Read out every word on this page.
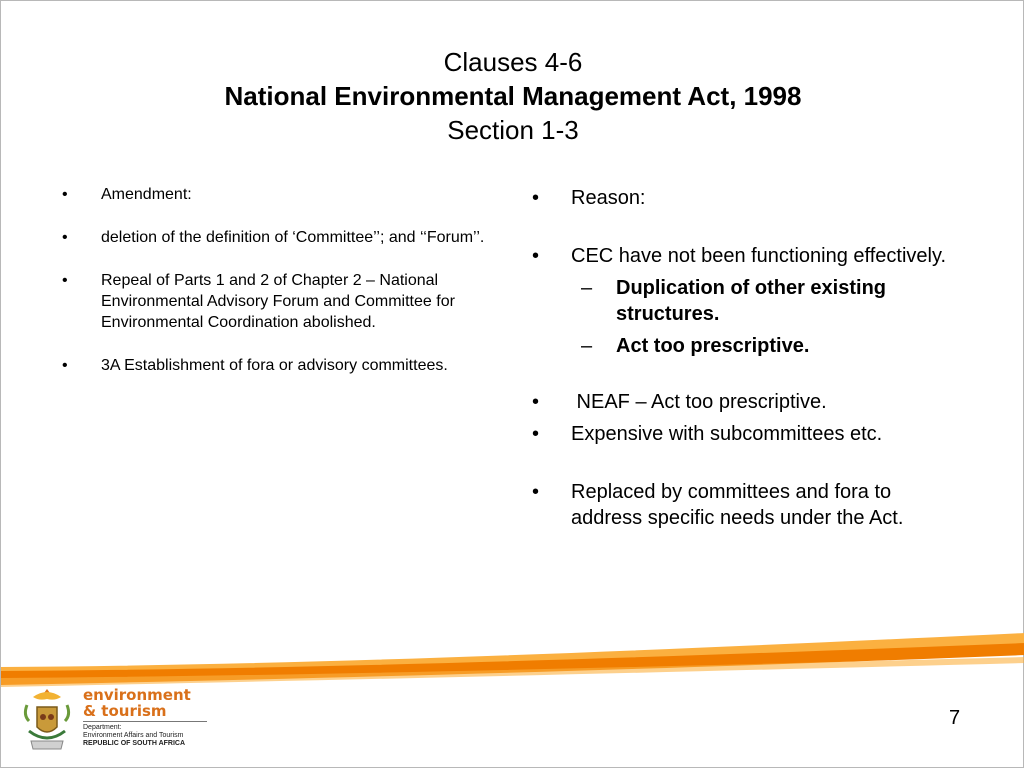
Clauses 4-6
National Environmental Management Act, 1998
Section 1-3
• Amendment:
• deletion of the definition of ‘Committee’’; and ‘‘Forum’’.
• Repeal of Parts 1 and 2 of Chapter 2 – National Environmental Advisory Forum and Committee for Environmental Coordination abolished.
• 3A Establishment of fora or advisory committees.
• Reason:
• CEC have not been functioning effectively.
– Duplication of other existing structures.
– Act too prescriptive.
• NEAF – Act too prescriptive.
• Expensive with subcommittees etc.
• Replaced by committees and fora to address specific needs under the Act.
environment
& tourism
Department:
Environment Affairs and Tourism
REPUBLIC OF SOUTH AFRICA
7
